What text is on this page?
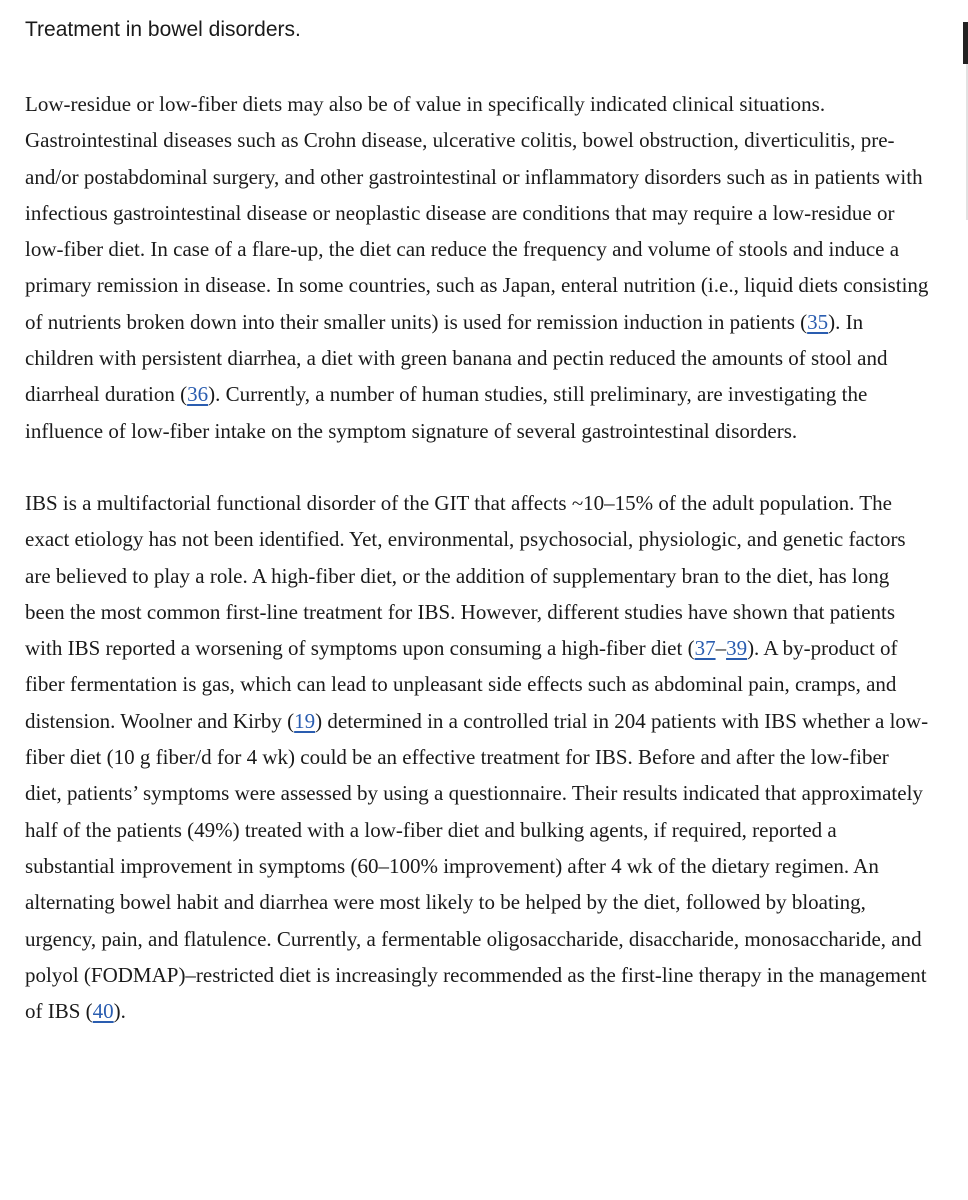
Treatment in bowel disorders.

Low-residue or low-fiber diets may also be of value in specifically indicated clinical situations. Gastrointestinal diseases such as Crohn disease, ulcerative colitis, bowel obstruction, diverticulitis, pre- and/or postabdominal surgery, and other gastrointestinal or inflammatory disorders such as in patients with infectious gastrointestinal disease or neoplastic disease are conditions that may require a low-residue or low-fiber diet. In case of a flare-up, the diet can reduce the frequency and volume of stools and induce a primary remission in disease. In some countries, such as Japan, enteral nutrition (i.e., liquid diets consisting of nutrients broken down into their smaller units) is used for remission induction in patients (35). In children with persistent diarrhea, a diet with green banana and pectin reduced the amounts of stool and diarrheal duration (36). Currently, a number of human studies, still preliminary, are investigating the influence of low-fiber intake on the symptom signature of several gastrointestinal disorders.

IBS is a multifactorial functional disorder of the GIT that affects ~10–15% of the adult population. The exact etiology has not been identified. Yet, environmental, psychosocial, physiologic, and genetic factors are believed to play a role. A high-fiber diet, or the addition of supplementary bran to the diet, has long been the most common first-line treatment for IBS. However, different studies have shown that patients with IBS reported a worsening of symptoms upon consuming a high-fiber diet (37–39). A by-product of fiber fermentation is gas, which can lead to unpleasant side effects such as abdominal pain, cramps, and distension. Woolner and Kirby (19) determined in a controlled trial in 204 patients with IBS whether a low-fiber diet (10 g fiber/d for 4 wk) could be an effective treatment for IBS. Before and after the low-fiber diet, patients’ symptoms were assessed by using a questionnaire. Their results indicated that approximately half of the patients (49%) treated with a low-fiber diet and bulking agents, if required, reported a substantial improvement in symptoms (60–100% improvement) after 4 wk of the dietary regimen. An alternating bowel habit and diarrhea were most likely to be helped by the diet, followed by bloating, urgency, pain, and flatulence. Currently, a fermentable oligosaccharide, disaccharide, monosaccharide, and polyol (FODMAP)–restricted diet is increasingly recommended as the first-line therapy in the management of IBS (40).
